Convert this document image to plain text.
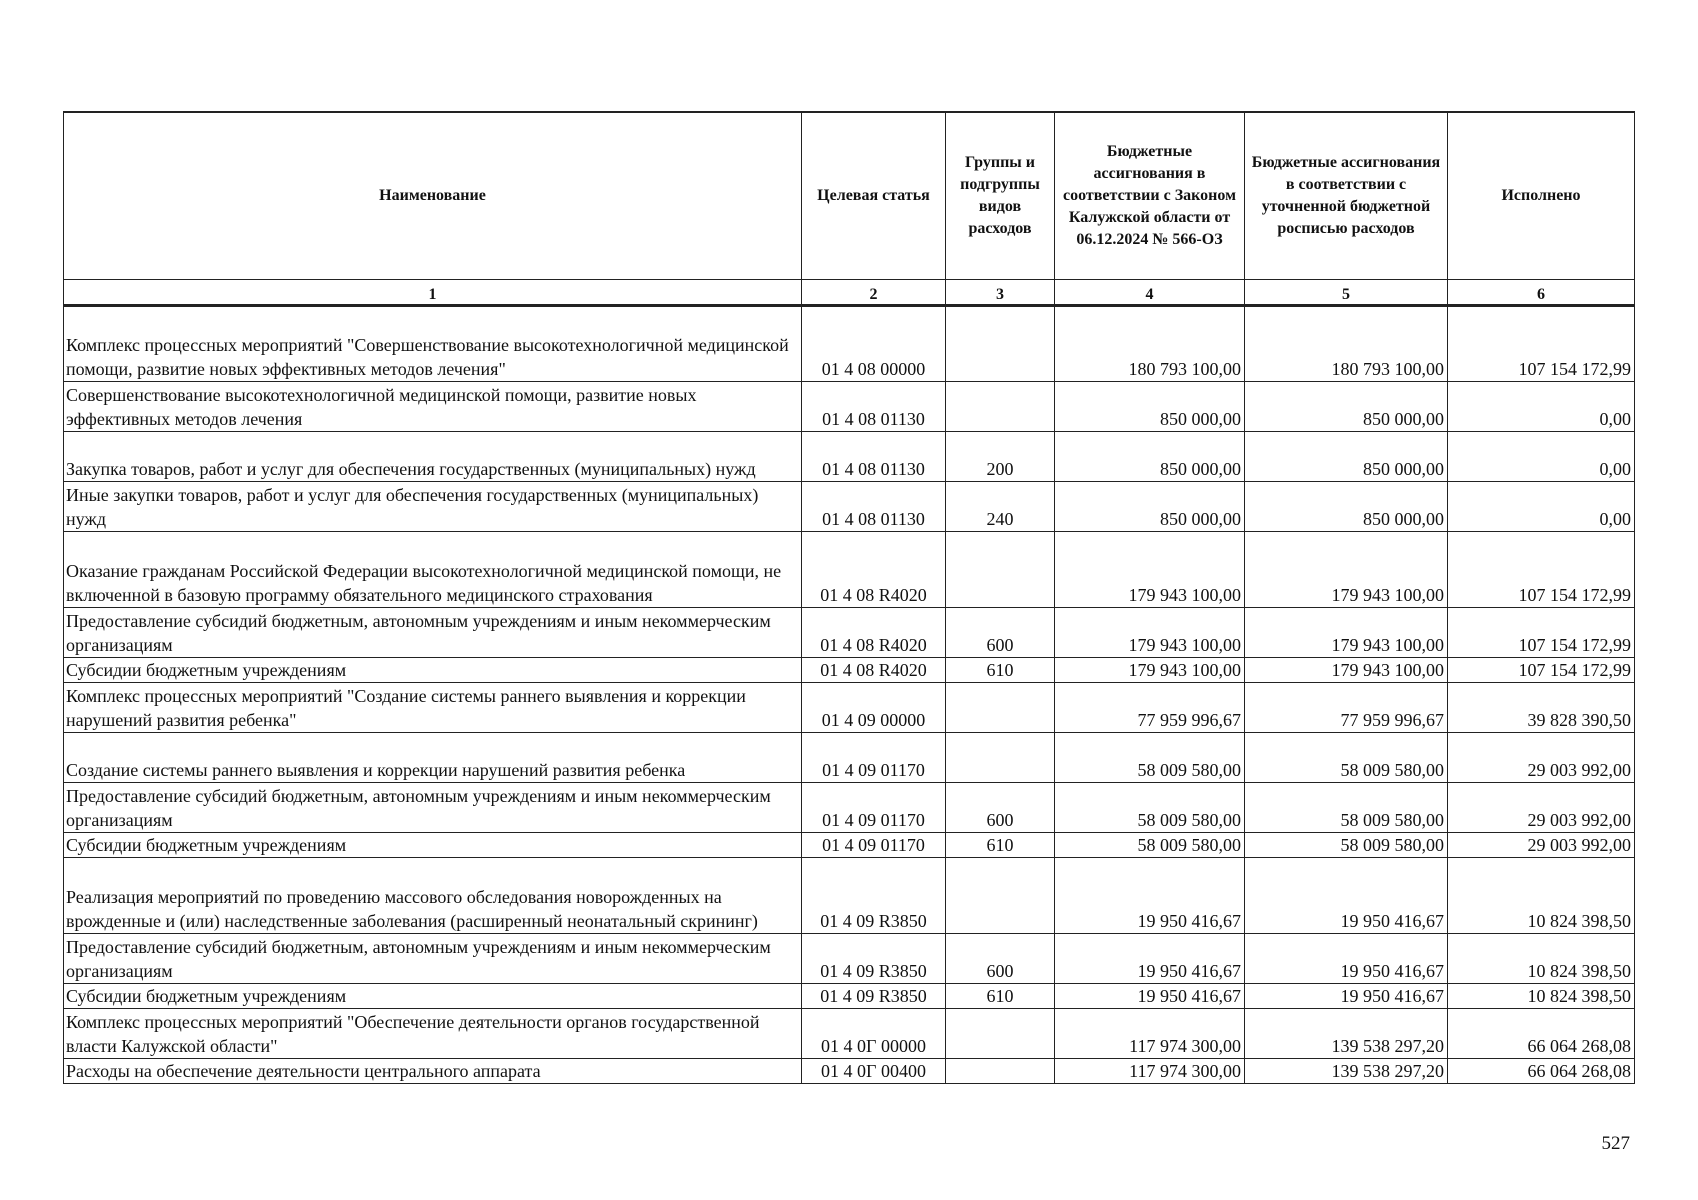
Наименование	Целевая статья	Группы и подгруппы видов расходов	Бюджетные ассигнования в соответствии с Законом Калужской области от 06.12.2024 № 566-ОЗ	Бюджетные ассигнования в соответствии с уточненной бюджетной росписью расходов	Исполнено
1	2	3	4	5	6
Комплекс процессных мероприятий "Совершенствование высокотехнологичной медицинской помощи, развитие новых эффективных методов лечения"	01 4 08 00000		180 793 100,00	180 793 100,00	107 154 172,99
Совершенствование высокотехнологичной медицинской помощи, развитие новых эффективных методов лечения	01 4 08 01130		850 000,00	850 000,00	0,00
Закупка товаров, работ и услуг для обеспечения государственных (муниципальных) нужд	01 4 08 01130	200	850 000,00	850 000,00	0,00
Иные закупки товаров, работ и услуг для обеспечения государственных (муниципальных) нужд	01 4 08 01130	240	850 000,00	850 000,00	0,00
Оказание гражданам Российской Федерации высокотехнологичной медицинской помощи, не включенной в базовую программу обязательного медицинского страхования	01 4 08 R4020		179 943 100,00	179 943 100,00	107 154 172,99
Предоставление субсидий бюджетным, автономным учреждениям и иным некоммерческим организациям	01 4 08 R4020	600	179 943 100,00	179 943 100,00	107 154 172,99
Субсидии бюджетным учреждениям	01 4 08 R4020	610	179 943 100,00	179 943 100,00	107 154 172,99
Комплекс процессных мероприятий "Создание системы раннего выявления и коррекции нарушений развития ребенка"	01 4 09 00000		77 959 996,67	77 959 996,67	39 828 390,50
Создание системы раннего выявления и коррекции нарушений развития ребенка	01 4 09 01170		58 009 580,00	58 009 580,00	29 003 992,00
Предоставление субсидий бюджетным, автономным учреждениям и иным некоммерческим организациям	01 4 09 01170	600	58 009 580,00	58 009 580,00	29 003 992,00
Субсидии бюджетным учреждениям	01 4 09 01170	610	58 009 580,00	58 009 580,00	29 003 992,00
Реализация мероприятий по проведению массового обследования новорожденных на врожденные и (или) наследственные заболевания (расширенный неонатальный скрининг)	01 4 09 R3850		19 950 416,67	19 950 416,67	10 824 398,50
Предоставление субсидий бюджетным, автономным учреждениям и иным некоммерческим организациям	01 4 09 R3850	600	19 950 416,67	19 950 416,67	10 824 398,50
Субсидии бюджетным учреждениям	01 4 09 R3850	610	19 950 416,67	19 950 416,67	10 824 398,50
Комплекс процессных мероприятий "Обеспечение деятельности органов государственной власти Калужской области"	01 4 0Г 00000		117 974 300,00	139 538 297,20	66 064 268,08
Расходы на обеспечение деятельности центрального аппарата	01 4 0Г 00400		117 974 300,00	139 538 297,20	66 064 268,08
527
